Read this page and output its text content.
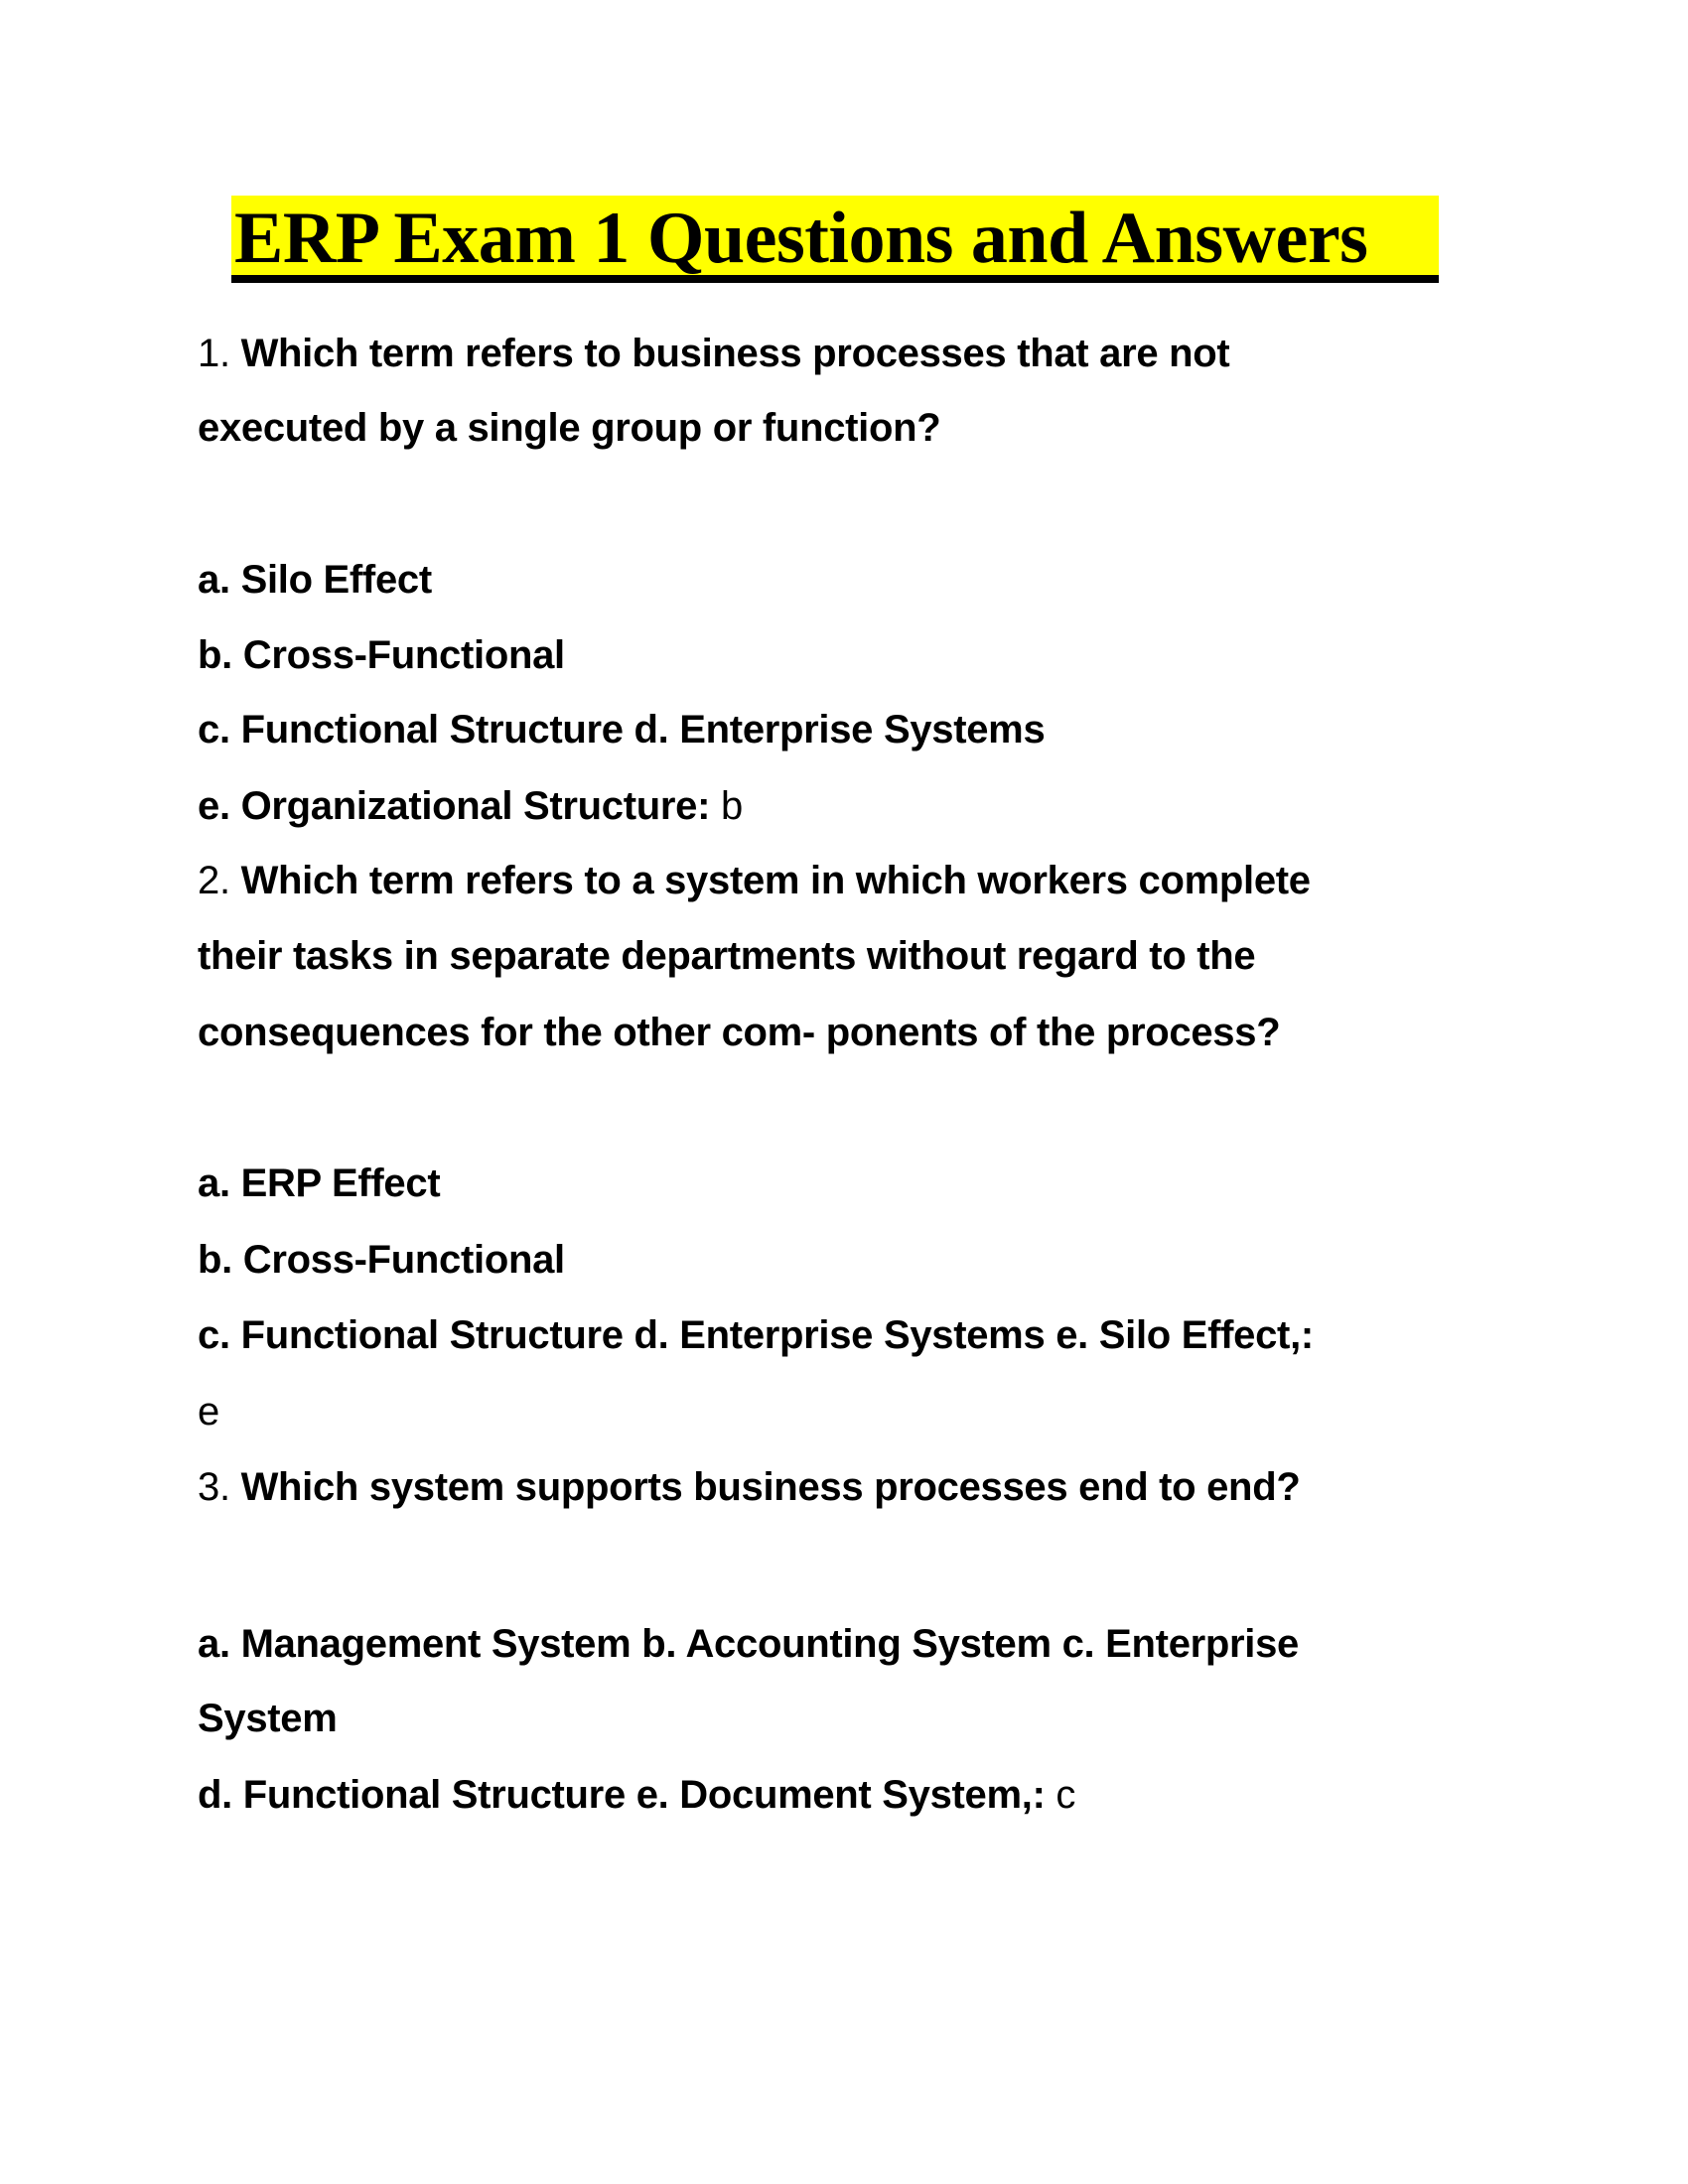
ERP Exam 1 Questions and Answers
1. Which term refers to business processes that are not
executed by a single group or function?
a. Silo Effect
b. Cross-Functional
c. Functional Structure d. Enterprise Systems
e. Organizational Structure: b
2. Which term refers to a system in which workers complete
their tasks in separate departments without regard to the
consequences for the other com- ponents of the process?
a. ERP Effect
b. Cross-Functional
c. Functional Structure d. Enterprise Systems e. Silo Effect,:
e
3. Which system supports business processes end to end?
a. Management System b. Accounting System c. Enterprise
System
d. Functional Structure e. Document System,: c
